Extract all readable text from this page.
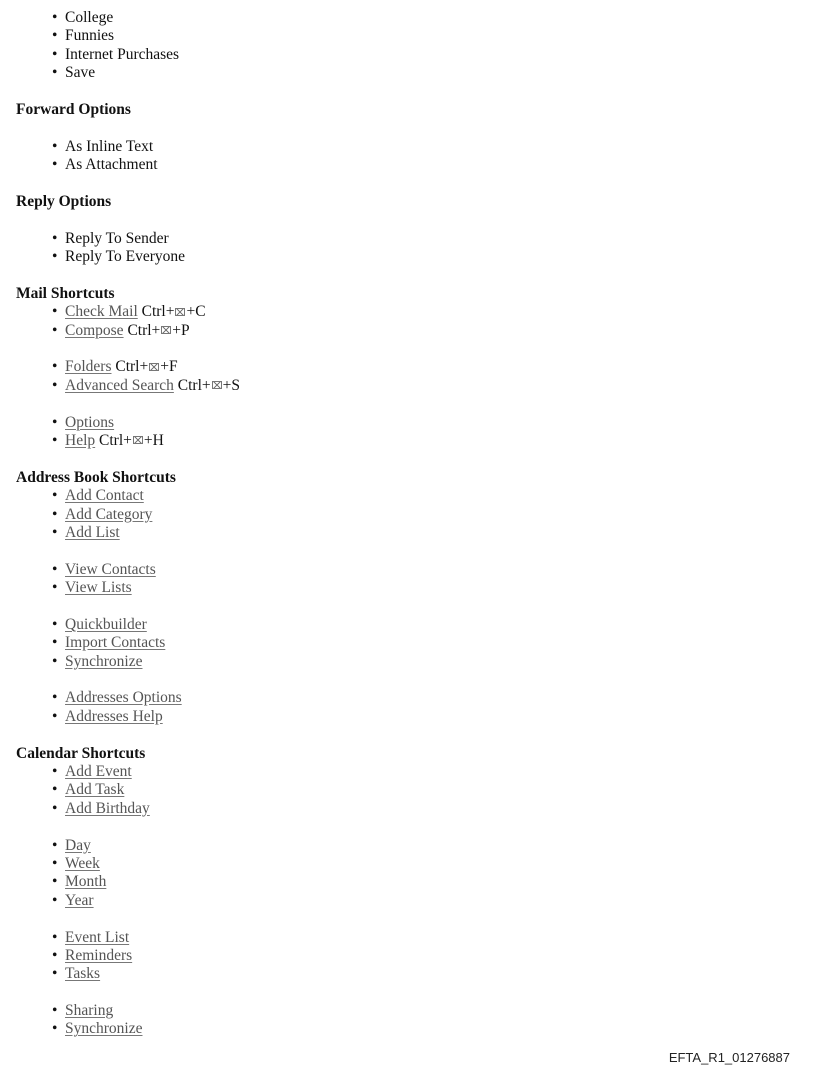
• College
• Funnies
• Internet Purchases
• Save
Forward Options
• As Inline Text
• As Attachment
Reply Options
• Reply To Sender
• Reply To Everyone
Mail Shortcuts
• Check Mail Ctrl+ +C
• Compose Ctrl+ +P
• Folders Ctrl+ +F
• Advanced Search Ctrl+ +S
• Options
• Help Ctrl+ +H
Address Book Shortcuts
• Add Contact
• Add Category
• Add List
• View Contacts
• View Lists
• Quickbuilder
• Import Contacts
• Synchronize
• Addresses Options
• Addresses Help
Calendar Shortcuts
• Add Event
• Add Task
• Add Birthday
• Day
• Week
• Month
• Year
• Event List
• Reminders
• Tasks
• Sharing
• Synchronize
EFTA_R1_01276887
